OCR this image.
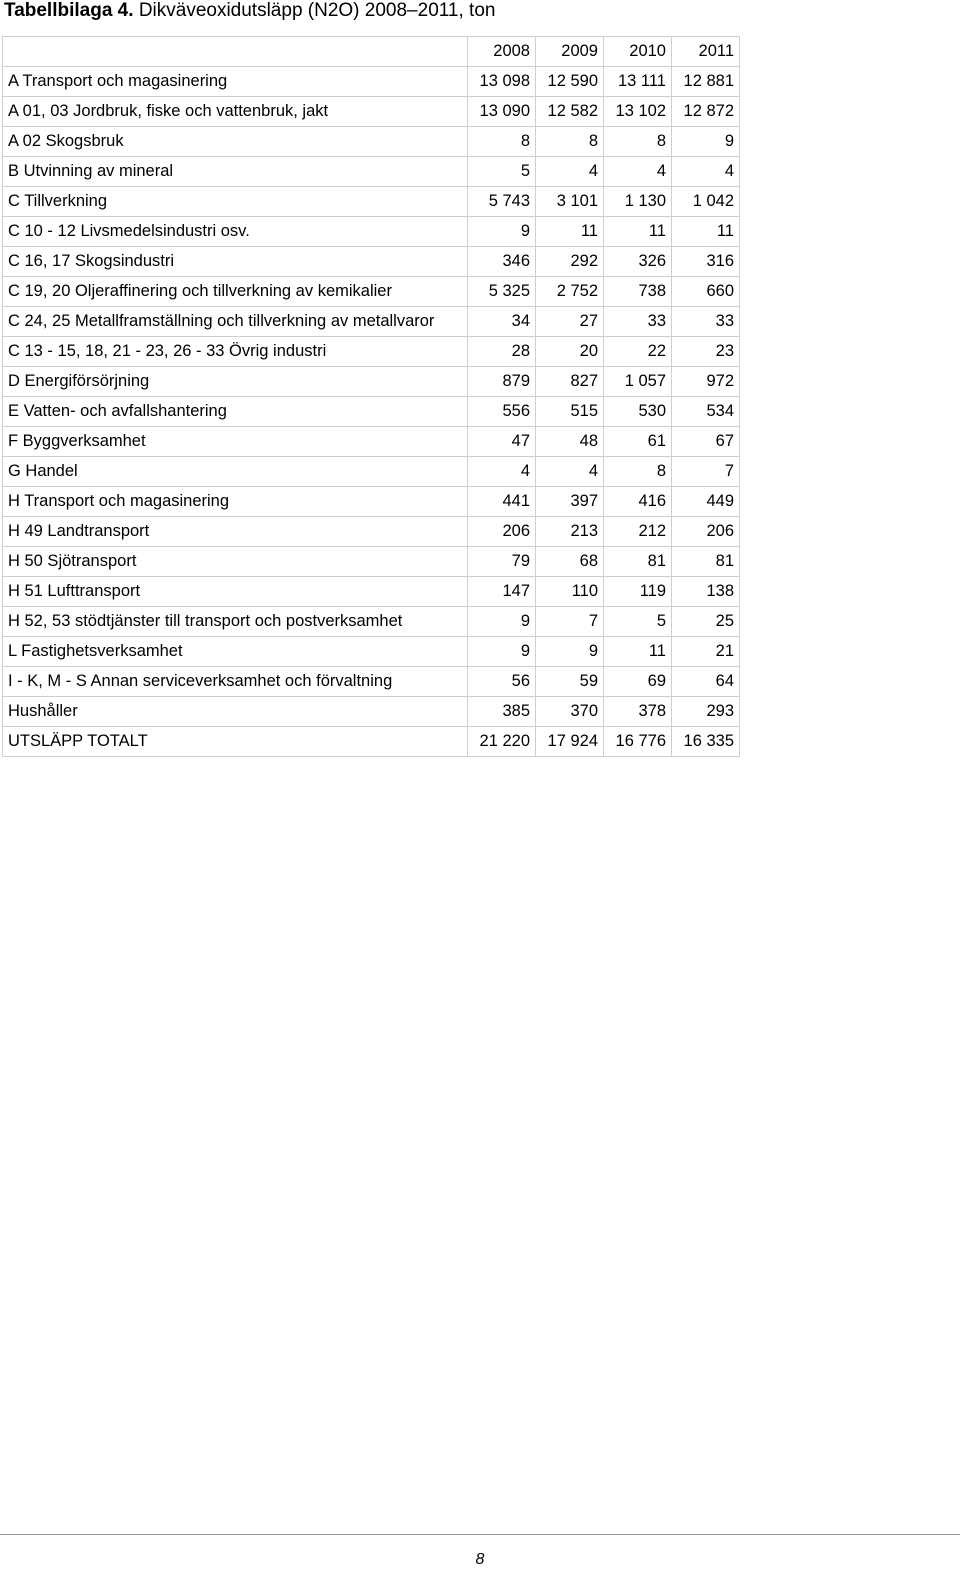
Tabellbilaga 4. Dikväveoxidutsläpp (N2O) 2008–2011, ton
	2008	2009	2010	2011
A Transport och magasinering	13 098	12 590	13 111	12 881
A 01, 03 Jordbruk, fiske och vattenbruk, jakt	13 090	12 582	13 102	12 872
A 02 Skogsbruk	8	8	8	9
B Utvinning av mineral	5	4	4	4
C Tillverkning	5 743	3 101	1 130	1 042
C 10 - 12 Livsmedelsindustri osv.	9	11	11	11
C 16, 17 Skogsindustri	346	292	326	316
C 19, 20 Oljeraffinering och tillverkning av kemikalier	5 325	2 752	738	660
C 24, 25 Metallframställning och tillverkning av metallvaror	34	27	33	33
C 13 - 15, 18, 21 - 23, 26 - 33 Övrig industri	28	20	22	23
D Energiförsörjning	879	827	1 057	972
E Vatten- och avfallshantering	556	515	530	534
F Byggverksamhet	47	48	61	67
G Handel	4	4	8	7
H Transport och magasinering	441	397	416	449
H 49 Landtransport	206	213	212	206
H 50 Sjötransport	79	68	81	81
H 51 Lufttransport	147	110	119	138
H 52, 53 stödtjänster till transport och postverksamhet	9	7	5	25
L Fastighetsverksamhet	9	9	11	21
I - K, M - S Annan serviceverksamhet och förvaltning	56	59	69	64
Hushåller	385	370	378	293
UTSLÄPP TOTALT	21 220	17 924	16 776	16 335
8
